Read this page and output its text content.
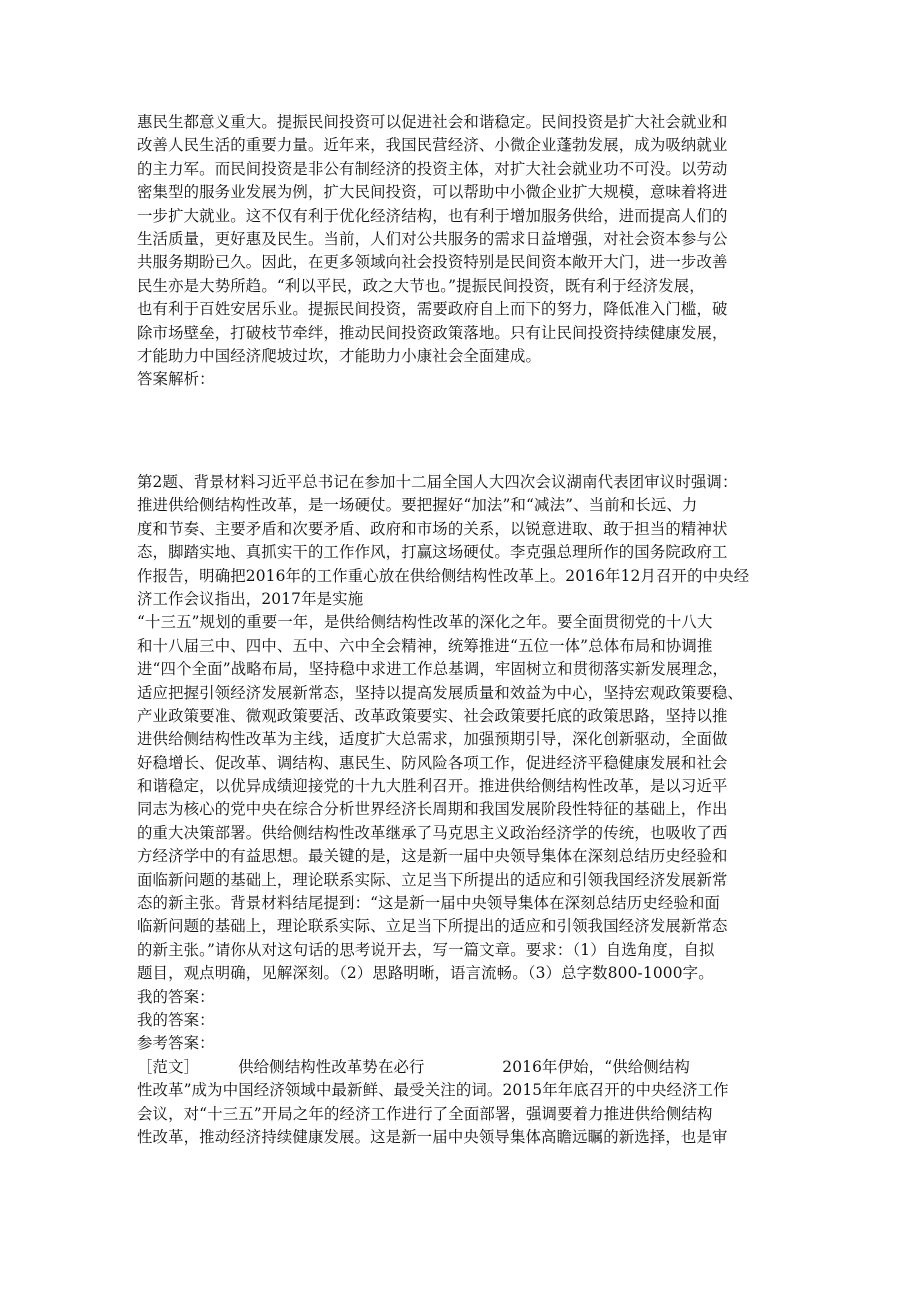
惠民生都意义重大。提振民间投资可以促进社会和谐稳定。民间投资是扩大社会就业和
改善人民生活的重要力量。近年来，我国民营经济、小微企业蓬勃发展，成为吸纳就业
的主力军。而民间投资是非公有制经济的投资主体，对扩大社会就业功不可没。以劳动
密集型的服务业发展为例，扩大民间投资，可以帮助中小微企业扩大规模，意味着将进
一步扩大就业。这不仅有利于优化经济结构，也有利于增加服务供给，进而提高人们的
生活质量，更好惠及民生。当前，人们对公共服务的需求日益增强，对社会资本参与公
共服务期盼已久。因此，在更多领域向社会投资特别是民间资本敞开大门，进一步改善
民生亦是大势所趋。“利以平民，政之大节也。”提振民间投资，既有利于经济发展，
也有利于百姓安居乐业。提振民间投资，需要政府自上而下的努力，降低准入门槛，破
除市场壁垒，打破枝节牵绊，推动民间投资政策落地。只有让民间投资持续健康发展，
才能助力中国经济爬坡过坎，才能助力小康社会全面建成。
答案解析：
第2题、背景材料习近平总书记在参加十二届全国人大四次会议湖南代表团审议时强调：
推进供给侧结构性改革，是一场硬仗。要把握好“加法”和“减法”、当前和长远、力
度和节奏、主要矛盾和次要矛盾、政府和市场的关系，以锐意进取、敢于担当的精神状
态，脚踏实地、真抓实干的工作作风，打赢这场硬仗。李克强总理所作的国务院政府工
作报告，明确把2016年的工作重心放在供给侧结构性改革上。2016年12月召开的中央经
济工作会议指出，2017年是实施
“十三五”规划的重要一年，是供给侧结构性改革的深化之年。要全面贯彻党的十八大
和十八届三中、四中、五中、六中全会精神，统筹推进“五位一体”总体布局和协调推
进“四个全面”战略布局，坚持稳中求进工作总基调，牢固树立和贯彻落实新发展理念，
适应把握引领经济发展新常态，坚持以提高发展质量和效益为中心，坚持宏观政策要稳、
产业政策要准、微观政策要活、改革政策要实、社会政策要托底的政策思路，坚持以推
进供给侧结构性改革为主线，适度扩大总需求，加强预期引导，深化创新驱动，全面做
好稳增长、促改革、调结构、惠民生、防风险各项工作，促进经济平稳健康发展和社会
和谐稳定，以优异成绩迎接党的十九大胜利召开。推进供给侧结构性改革，是以习近平
同志为核心的党中央在综合分析世界经济长周期和我国发展阶段性特征的基础上，作出
的重大决策部署。供给侧结构性改革继承了马克思主义政治经济学的传统，也吸收了西
方经济学中的有益思想。最关键的是，这是新一届中央领导集体在深刻总结历史经验和
面临新问题的基础上，理论联系实际、立足当下所提出的适应和引领我国经济发展新常
态的新主张。背景材料结尾提到：“这是新一届中央领导集体在深刻总结历史经验和面
临新问题的基础上，理论联系实际、立足当下所提出的适应和引领我国经济发展新常态
的新主张。”请你从对这句话的思考说开去，写一篇文章。要求：（1）自选角度，自拟
题目，观点明确，见解深刻。（2）思路明晰，语言流畅。（3）总字数800-1000字。
我的答案：
我的答案：
参考答案：
［范文］　　　供给侧结构性改革势在必行　　　　　2016年伊始，“供给侧结构
性改革”成为中国经济领域中最新鲜、最受关注的词。2015年年底召开的中央经济工作
会议，对“十三五”开局之年的经济工作进行了全面部署，强调要着力推进供给侧结构
性改革，推动经济持续健康发展。这是新一届中央领导集体高瞻远瞩的新选择，也是审
